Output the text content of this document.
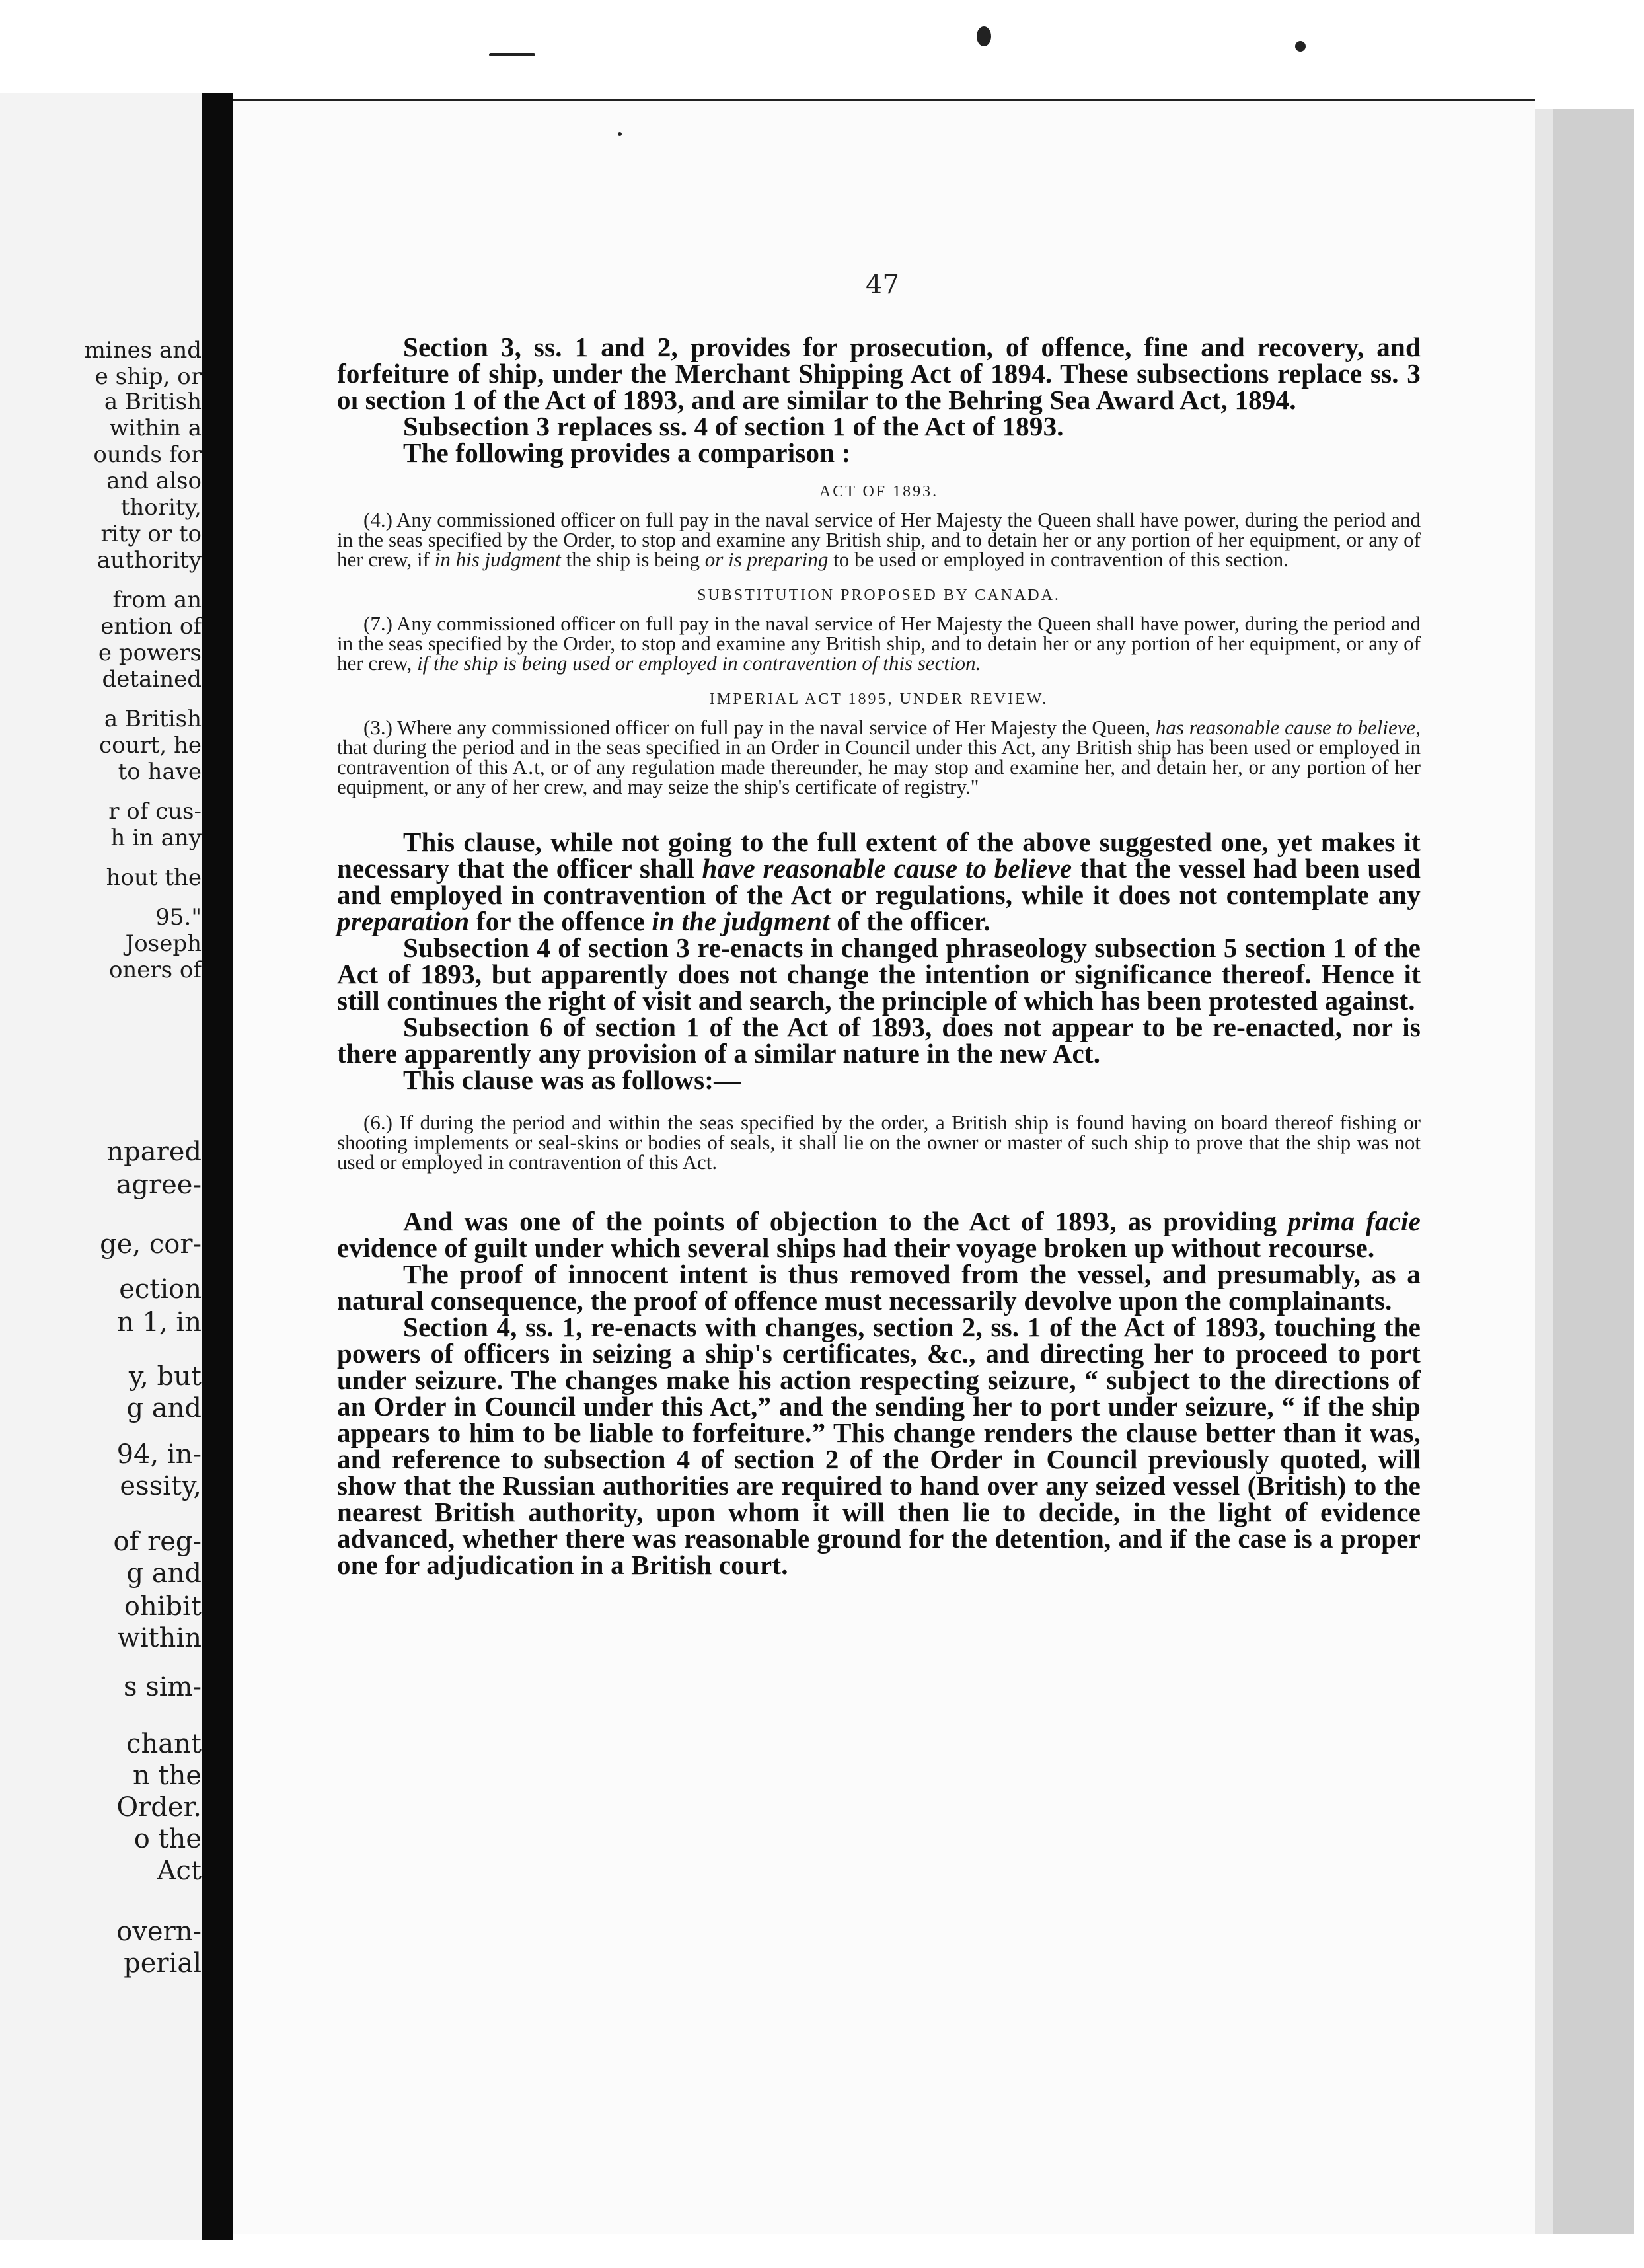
mines and
e ship, or
a British
within a
ounds for
and also
thority,
rity or to
authority
from an
ention of
e powers
detained
a British
court, he
to have
r of cus-
h in any
hout the
95."
Joseph
oners of
npared
agree-
ge, cor-
ection
n 1, in
y, but
g and
94, in-
essity,
of reg-
g and
ohibit
within
s sim-
chant
n the
Order.
o the
Act
overn-
perial
47

Section 3, ss. 1 and 2, provides for prosecution, of offence, fine and recovery, and forfeiture of ship, under the Merchant Shipping Act of 1894. These subsections replace ss. 3 oı section 1 of the Act of 1893, and are similar to the Behring Sea Award Act, 1894.

Subsection 3 replaces ss. 4 of section 1 of the Act of 1893.

The following provides a comparison :

ACT OF 1893.

(4.) Any commissioned officer on full pay in the naval service of Her Majesty the Queen shall have power, during the period and in the seas specified by the Order, to stop and examine any British ship, and to detain her or any portion of her equipment, or any of her crew, if in his judgment the ship is being or is preparing to be used or employed in contravention of this section.

SUBSTITUTION PROPOSED BY CANADA.

(7.) Any commissioned officer on full pay in the naval service of Her Majesty the Queen shall have power, during the period and in the seas specified by the Order, to stop and examine any British ship, and to detain her or any portion of her equipment, or any of her crew, if the ship is being used or employed in contravention of this section.

IMPERIAL ACT 1895, UNDER REVIEW.

(3.) Where any commissioned officer on full pay in the naval service of Her Majesty the Queen, has reasonable cause to believe, that during the period and in the seas specified in an Order in Council under this Act, any British ship has been used or employed in contravention of this A․t, or of any regulation made thereunder, he may stop and examine her, and detain her, or any portion of her equipment, or any of her crew, and may seize the ship's certificate of registry."

This clause, while not going to the full extent of the above suggested one, yet makes it necessary that the officer shall have reasonable cause to believe that the vessel had been used and employed in contravention of the Act or regulations, while it does not contemplate any preparation for the offence in the judgment of the officer.

Subsection 4 of section 3 re-enacts in changed phraseology subsection 5 section 1 of the Act of 1893, but apparently does not change the intention or significance thereof. Hence it still continues the right of visit and search, the principle of which has been protested against.

Subsection 6 of section 1 of the Act of 1893, does not appear to be re-enacted, nor is there apparently any provision of a similar nature in the new Act.

This clause was as follows:—

(6.) If during the period and within the seas specified by the order, a British ship is found having on board thereof fishing or shooting implements or seal-skins or bodies of seals, it shall lie on the owner or master of such ship to prove that the ship was not used or employed in contravention of this Act.

And was one of the points of objection to the Act of 1893, as providing prima facie evidence of guilt under which several ships had their voyage broken up without recourse.

The proof of innocent intent is thus removed from the vessel, and presumably, as a natural consequence, the proof of offence must necessarily devolve upon the complainants.

Section 4, ss. 1, re-enacts with changes, section 2, ss. 1 of the Act of 1893, touching the powers of officers in seizing a ship's certificates, &c., and directing her to proceed to port under seizure. The changes make his action respecting seizure, “ subject to the directions of an Order in Council under this Act,” and the sending her to port under seizure, “ if the ship appears to him to be liable to forfeiture.” This change renders the clause better than it was, and reference to subsection 4 of section 2 of the Order in Council previously quoted, will show that the Russian authorities are required to hand over any seized vessel (British) to the nearest British authority, upon whom it will then lie to decide, in the light of evidence advanced, whether there was reasonable ground for the detention, and if the case is a proper one for adjudication in a British court.
